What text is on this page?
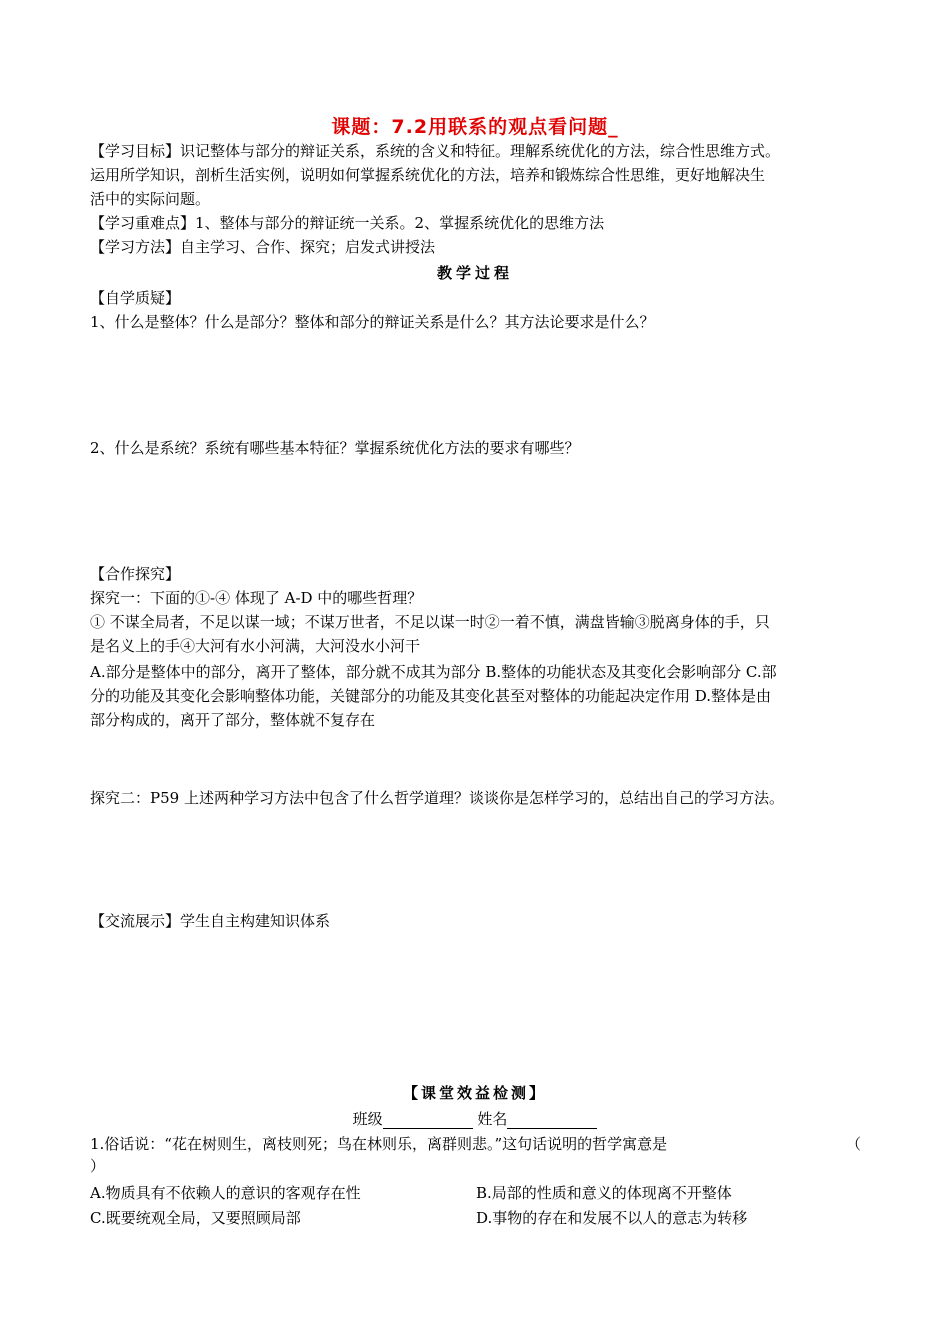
课题：7.2用联系的观点看问题_
【学习目标】识记整体与部分的辩证关系，系统的含义和特征。理解系统优化的方法，综合性思维方式。
运用所学知识，剖析生活实例，说明如何掌握系统优化的方法，培养和锻炼综合性思维，更好地解决生
活中的实际问题。
【学习重难点】1、整体与部分的辩证统一关系。2、掌握系统优化的思维方法
【学习方法】自主学习、合作、探究；启发式讲授法
教学过程
【自学质疑】
1、什么是整体？什么是部分？整体和部分的辩证关系是什么？其方法论要求是什么？
2、什么是系统？系统有哪些基本特征？掌握系统优化方法的要求有哪些？
【合作探究】
探究一：下面的①-④ 体现了 A-D 中的哪些哲理？
① 不谋全局者，不足以谋一域；不谋万世者，不足以谋一时②一着不慎，满盘皆输③脱离身体的手，只
是名义上的手④大河有水小河满，大河没水小河干
A.部分是整体中的部分，离开了整体，部分就不成其为部分 B.整体的功能状态及其变化会影响部分 C.部
分的功能及其变化会影响整体功能，关键部分的功能及其变化甚至对整体的功能起决定作用 D.整体是由
部分构成的，离开了部分，整体就不复存在
探究二：P59 上述两种学习方法中包含了什么哲学道理？谈谈你是怎样学习的，总结出自己的学习方法。
【交流展示】学生自主构建知识体系
【课堂效益检测】
班级	姓名
1.俗话说：“花在树则生，离枝则死；鸟在林则乐，离群则悲。”这句话说明的哲学寓意是	（
）
A.物质具有不依赖人的意识的客观存在性	B.局部的性质和意义的体现离不开整体
C.既要统观全局，又要照顾局部	D.事物的存在和发展不以人的意志为转移
